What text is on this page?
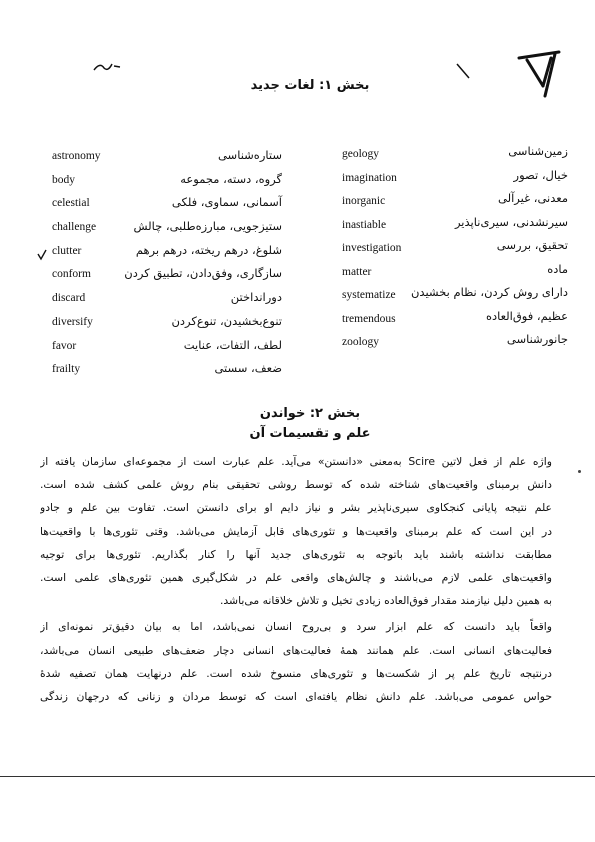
بخش ۱: لغات جدید
astronomy	ستاره‌شناسی
body	گروه، دسته، مجموعه
celestial	آسمانی، سماوی، فلکی
challenge	ستیزجویی، مبارزه‌طلبی، چالش
clutter	شلوغ، درهم ریخته، درهم برهم
conform	سازگاری، وفق‌دادن، تطبیق کردن
discard	دورانداختن
diversify	تنوع‌بخشیدن، تنوع‌کردن
favor	لطف، التفات، عنایت
frailty	ضعف، سستی
geology	زمین‌شناسی
imagination	خیال، تصور
inorganic	معدنی، غیرآلی
inastiable	سیرنشدنی، سیری‌ناپذیر
investigation	تحقیق، بررسی
matter	ماده
systematize دارای روش کردن، نظام بخشیدن
tremendous	عظیم، فوق‌العاده
zoology	جانورشناسی
بخش ۲: خواندن
علم و تقسیمات آن
واژه علم از فعل لاتین Scire به‌معنی «دانستن» می‌آید. علم عبارت است از مجموعه‌ای سازمان یافته از
دانش برمبنای واقعیت‌های شناخته شده که توسط روشی تحقیقی بنام روش علمی کشف شده است.
علم نتیجه پایانی کنجکاوی سیری‌ناپذیر بشر و نیاز دایم او برای دانستن است. تفاوت بین علم و جادو
در این است که علم برمبنای واقعیت‌ها و تئوری‌های قابل آزمایش می‌باشد. وقتی تئوری‌ها با واقعیت‌ها
مطابقت نداشته باشند باید باتوجه به تئوری‌های جدید آنها را کنار بگذاریم. تئوری‌ها برای توجیه
واقعیت‌های علمی لازم می‌باشند و چالش‌های واقعی علم در شکل‌گیری همین تئوری‌های علمی است.
به همین دلیل نیازمند مقدار فوق‌العاده زیادی تخیل و تلاش خلاقانه می‌باشد.
واقعاً باید دانست که علم ابزار سرد و بی‌روح انسان نمی‌باشد، اما به بیان دقیق‌تر نمونه‌ای از
فعالیت‌های انسانی است. علم همانند همهٔ فعالیت‌های انسانی دچار ضعف‌های طبیعی انسان می‌باشد،
درنتیجه تاریخ علم پر از شکست‌ها و تئوری‌های منسوخ شده است. علم درنهایت همان تصفیه شدهٔ
حواس عمومی می‌باشد. علم دانش نظام یافته‌ای است که توسط مردان و زنانی که درجهان زندگی
